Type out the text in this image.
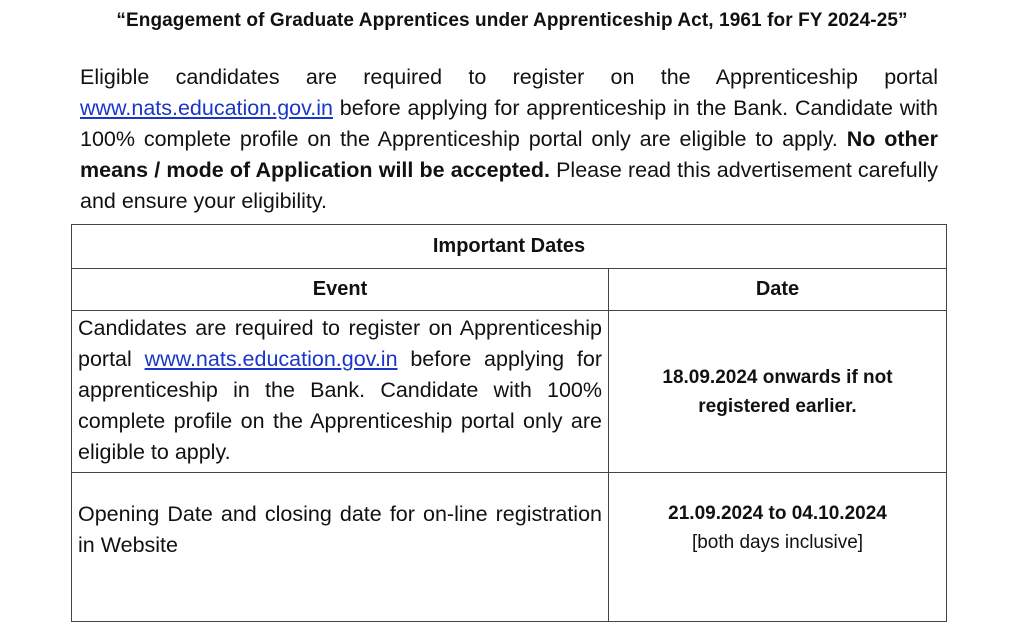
“Engagement of Graduate Apprentices under Apprenticeship Act, 1961 for FY 2024-25”
Eligible candidates are required to register on the Apprenticeship portal www.nats.education.gov.in before applying for apprenticeship in the Bank. Candidate with 100% complete profile on the Apprenticeship portal only are eligible to apply. No other means / mode of Application will be accepted. Please read this advertisement carefully and ensure your eligibility.
Important Dates	
Event	Date
Candidates are required to register on Apprenticeship portal www.nats.education.gov.in before applying for apprenticeship in the Bank. Candidate with 100% complete profile on the Apprenticeship portal only are eligible to apply.	18.09.2024 onwards if not registered earlier.

Opening Date and closing date for on-line registration in Website	21.09.2024 to 04.10.2024
[both days inclusive]
